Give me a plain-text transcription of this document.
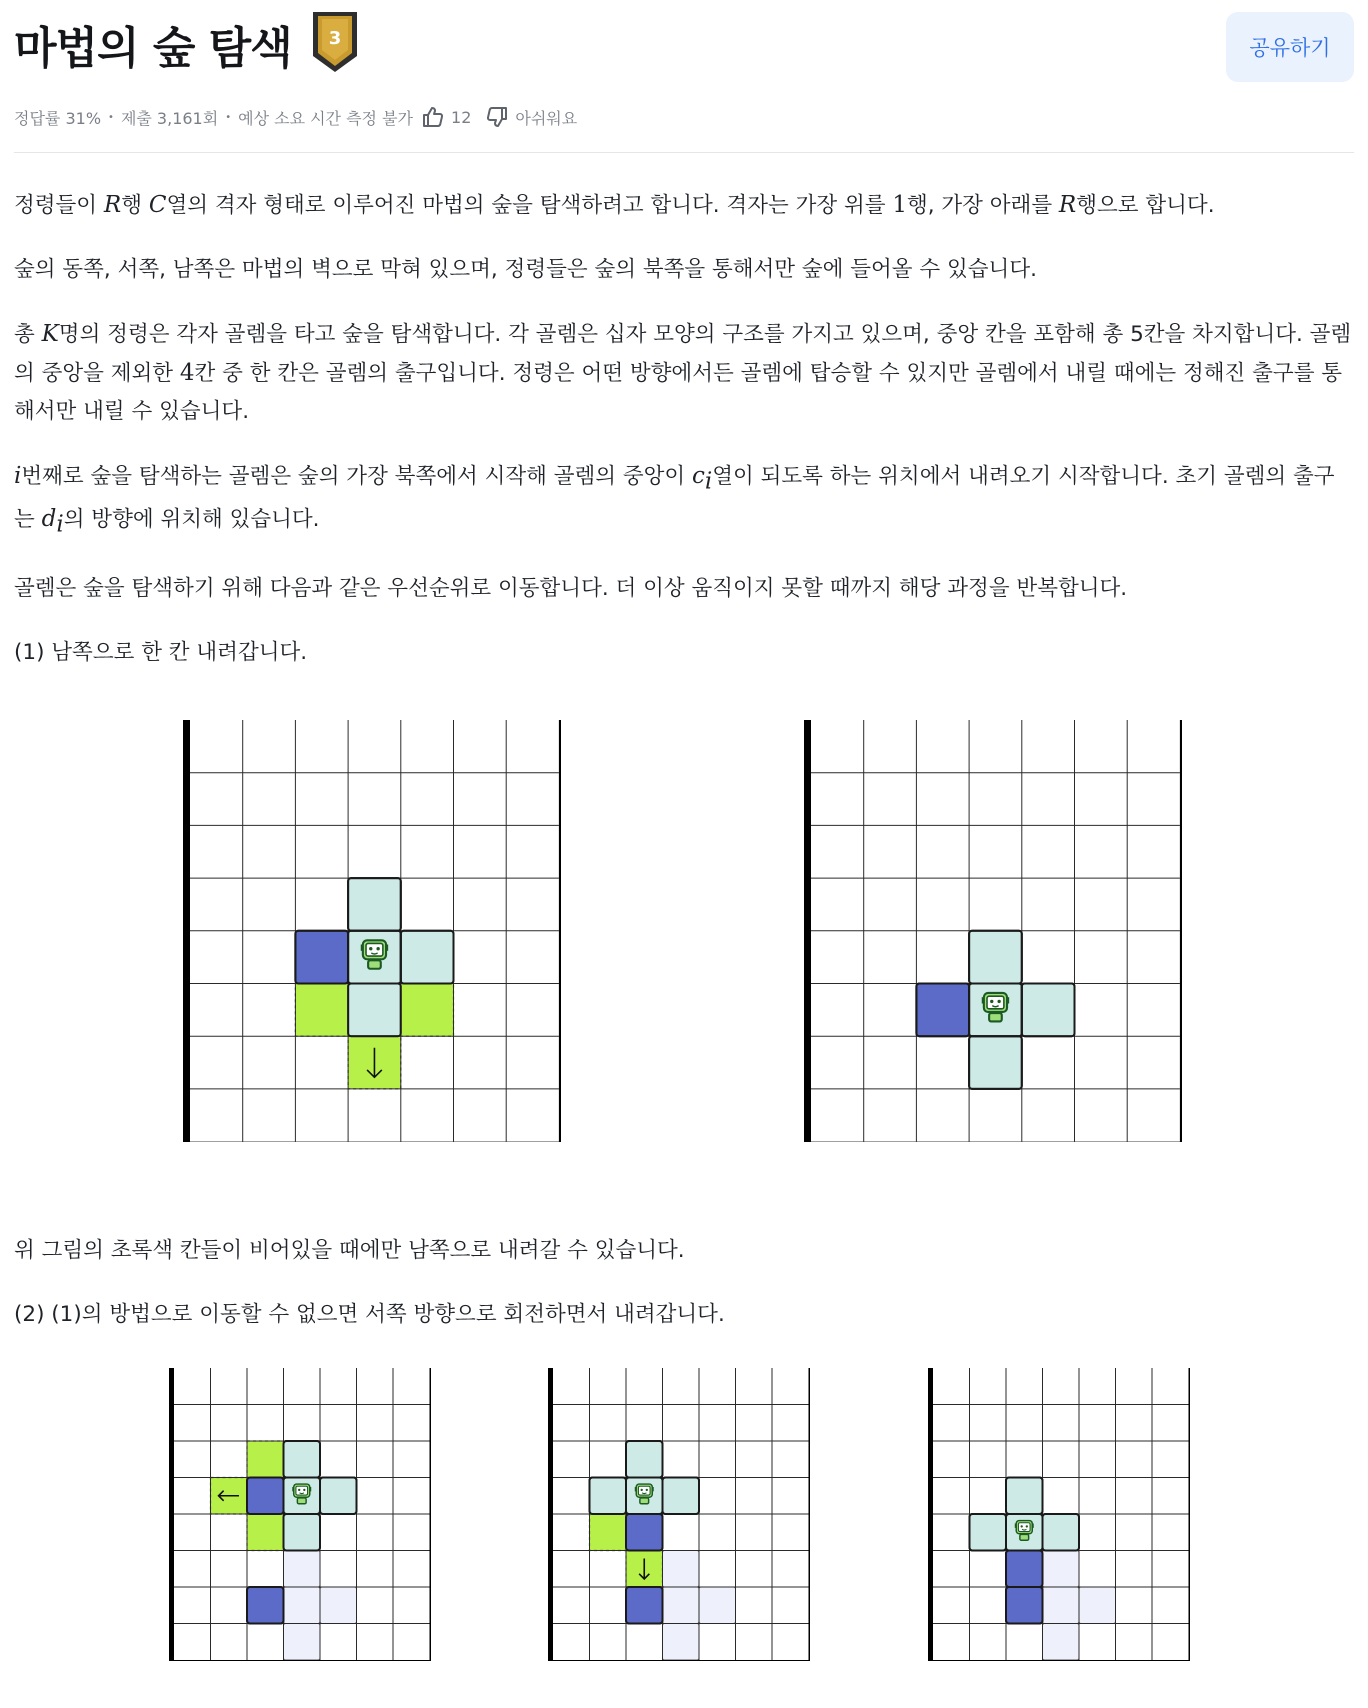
마법의 숲 탐색 3	공유하기
정답률 31% • 제출 3,161회 • 예상 소요 시간 측정 불가 12	아쉬워요

정령들이 R행 C열의 격자 형태로 이루어진 마법의 숲을 탐색하려고 합니다. 격자는 가장 위를 1행, 가장 아래를 R행으로 합니다.

숲의 동쪽, 서쪽, 남쪽은 마법의 벽으로 막혀 있으며, 정령들은 숲의 북쪽을 통해서만 숲에 들어올 수 있습니다.

총 K명의 정령은 각자 골렘을 타고 숲을 탐색합니다. 각 골렘은 십자 모양의 구조를 가지고 있으며, 중앙 칸을 포함해 총 5칸을 차지합니다. 골렘의 중앙을 제외한 4칸 중 한 칸은 골렘의 출구입니다. 정령은 어떤 방향에서든 골렘에 탑승할 수 있지만 골렘에서 내릴 때에는 정해진 출구를 통해서만 내릴 수 있습니다.

i번째로 숲을 탐색하는 골렘은 숲의 가장 북쪽에서 시작해 골렘의 중앙이 $c_i$열이 되도록 하는 위치에서 내려오기 시작합니다. 초기 골렘의 출구는 $d_i$의 방향에 위치해 있습니다.

골렘은 숲을 탐색하기 위해 다음과 같은 우선순위로 이동합니다. 더 이상 움직이지 못할 때까지 해당 과정을 반복합니다.

(1) 남쪽으로 한 칸 내려갑니다.

위 그림의 초록색 칸들이 비어있을 때에만 남쪽으로 내려갈 수 있습니다.

(2) (1)의 방법으로 이동할 수 없으면 서쪽 방향으로 회전하면서 내려갑니다.
